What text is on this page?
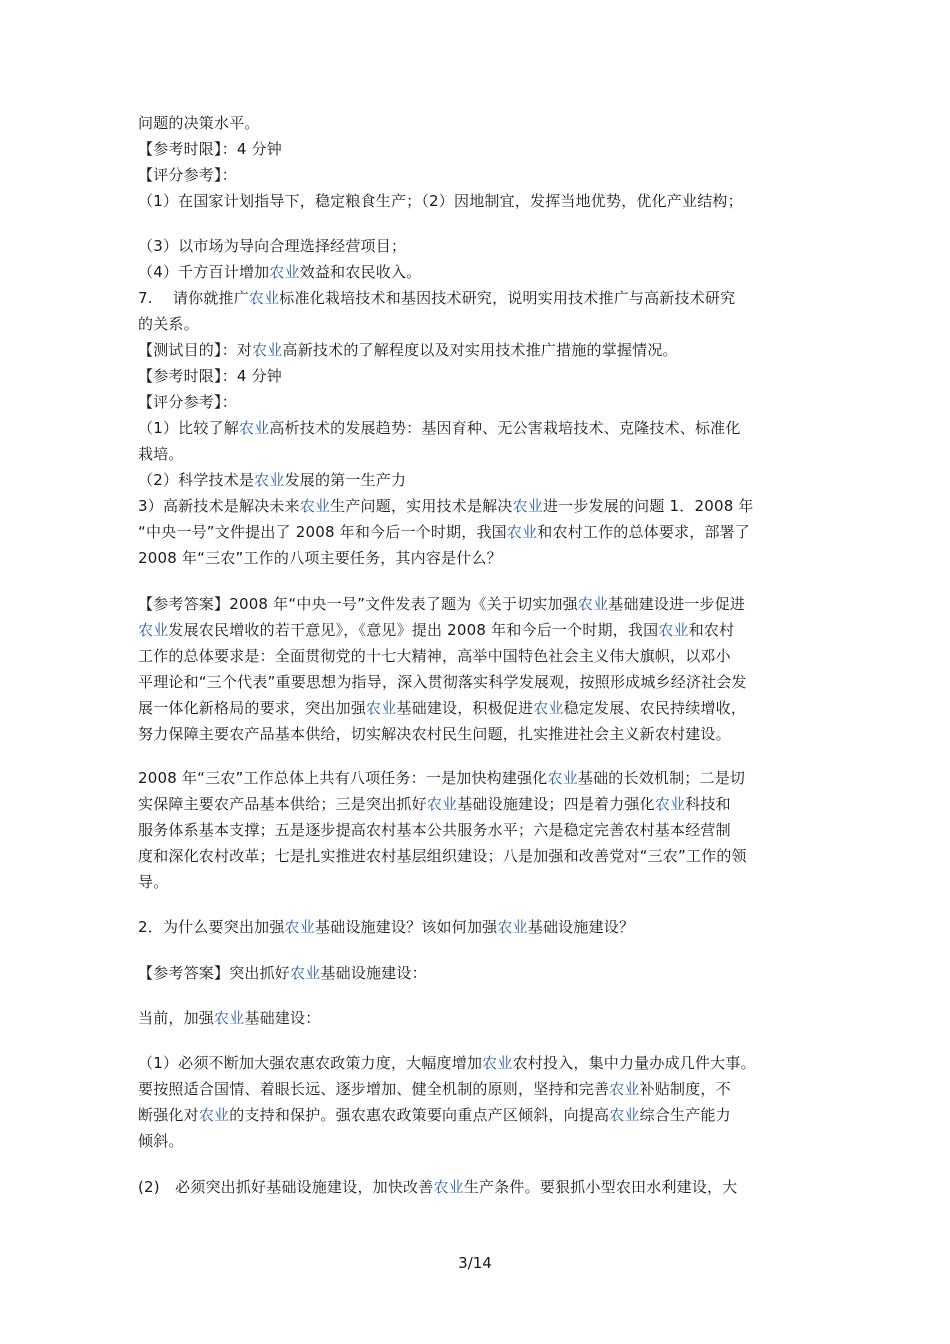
3/14
问题的决策水平。
【参考时限】：4 分钟
【评分参考】：
（1）在国家计划指导下，稳定粮食生产；（2）因地制宜，发挥当地优势，优化产业结构；
（3）以市场为导向合理选择经营项目；
（4）千方百计增加农业效益和农民收入。
7.　 请你就推广农业标准化栽培技术和基因技术研究，说明实用技术推广与高新技术研究
的关系。
【测试目的】：对农业高新技术的了解程度以及对实用技术推广措施的掌握情况。
【参考时限】：4 分钟
【评分参考】：
（1）比较了解农业高析技术的发展趋势：基因育种、无公害栽培技术、克隆技术、标准化
栽培。
（2）科学技术是农业发展的第一生产力
3）高新技术是解决未来农业生产问题，实用技术是解决农业进一步发展的问题 1．2008 年
“中央一号”文件提出了 2008 年和今后一个时期，我国农业和农村工作的总体要求，部署了
2008 年“三农”工作的八项主要任务，其内容是什么？
【参考答案】2008 年“中央一号”文件发表了题为《关于切实加强农业基础建设进一步促进
农业发展农民增收的若干意见》，《意见》提出 2008 年和今后一个时期，我国农业和农村
工作的总体要求是：全面贯彻党的十七大精神，高举中国特色社会主义伟大旗帜，以邓小
平理论和“三个代表”重要思想为指导，深入贯彻落实科学发展观，按照形成城乡经济社会发
展一体化新格局的要求，突出加强农业基础建设，积极促进农业稳定发展、农民持续增收，
努力保障主要农产品基本供给，切实解决农村民生问题，扎实推进社会主义新农村建设。
2008 年“三农”工作总体上共有八项任务：一是加快构建强化农业基础的长效机制；二是切
实保障主要农产品基本供给；三是突出抓好农业基础设施建设；四是着力强化农业科技和
服务体系基本支撑；五是逐步提高农村基本公共服务水平；六是稳定完善农村基本经营制
度和深化农村改革；七是扎实推进农村基层组织建设；八是加强和改善党对“三农”工作的领
导。
2．为什么要突出加强农业基础设施建设？该如何加强农业基础设施建设？
【参考答案】突出抓好农业基础设施建设：
当前，加强农业基础建设：
（1）必须不断加大强农惠农政策力度，大幅度增加农业农村投入，集中力量办成几件大事。
要按照适合国情、着眼长远、逐步增加、健全机制的原则，坚持和完善农业补贴制度，不
断强化对农业的支持和保护。强农惠农政策要向重点产区倾斜，向提高农业综合生产能力
倾斜。
(2)　必须突出抓好基础设施建设，加快改善农业生产条件。要狠抓小型农田水利建设，大
